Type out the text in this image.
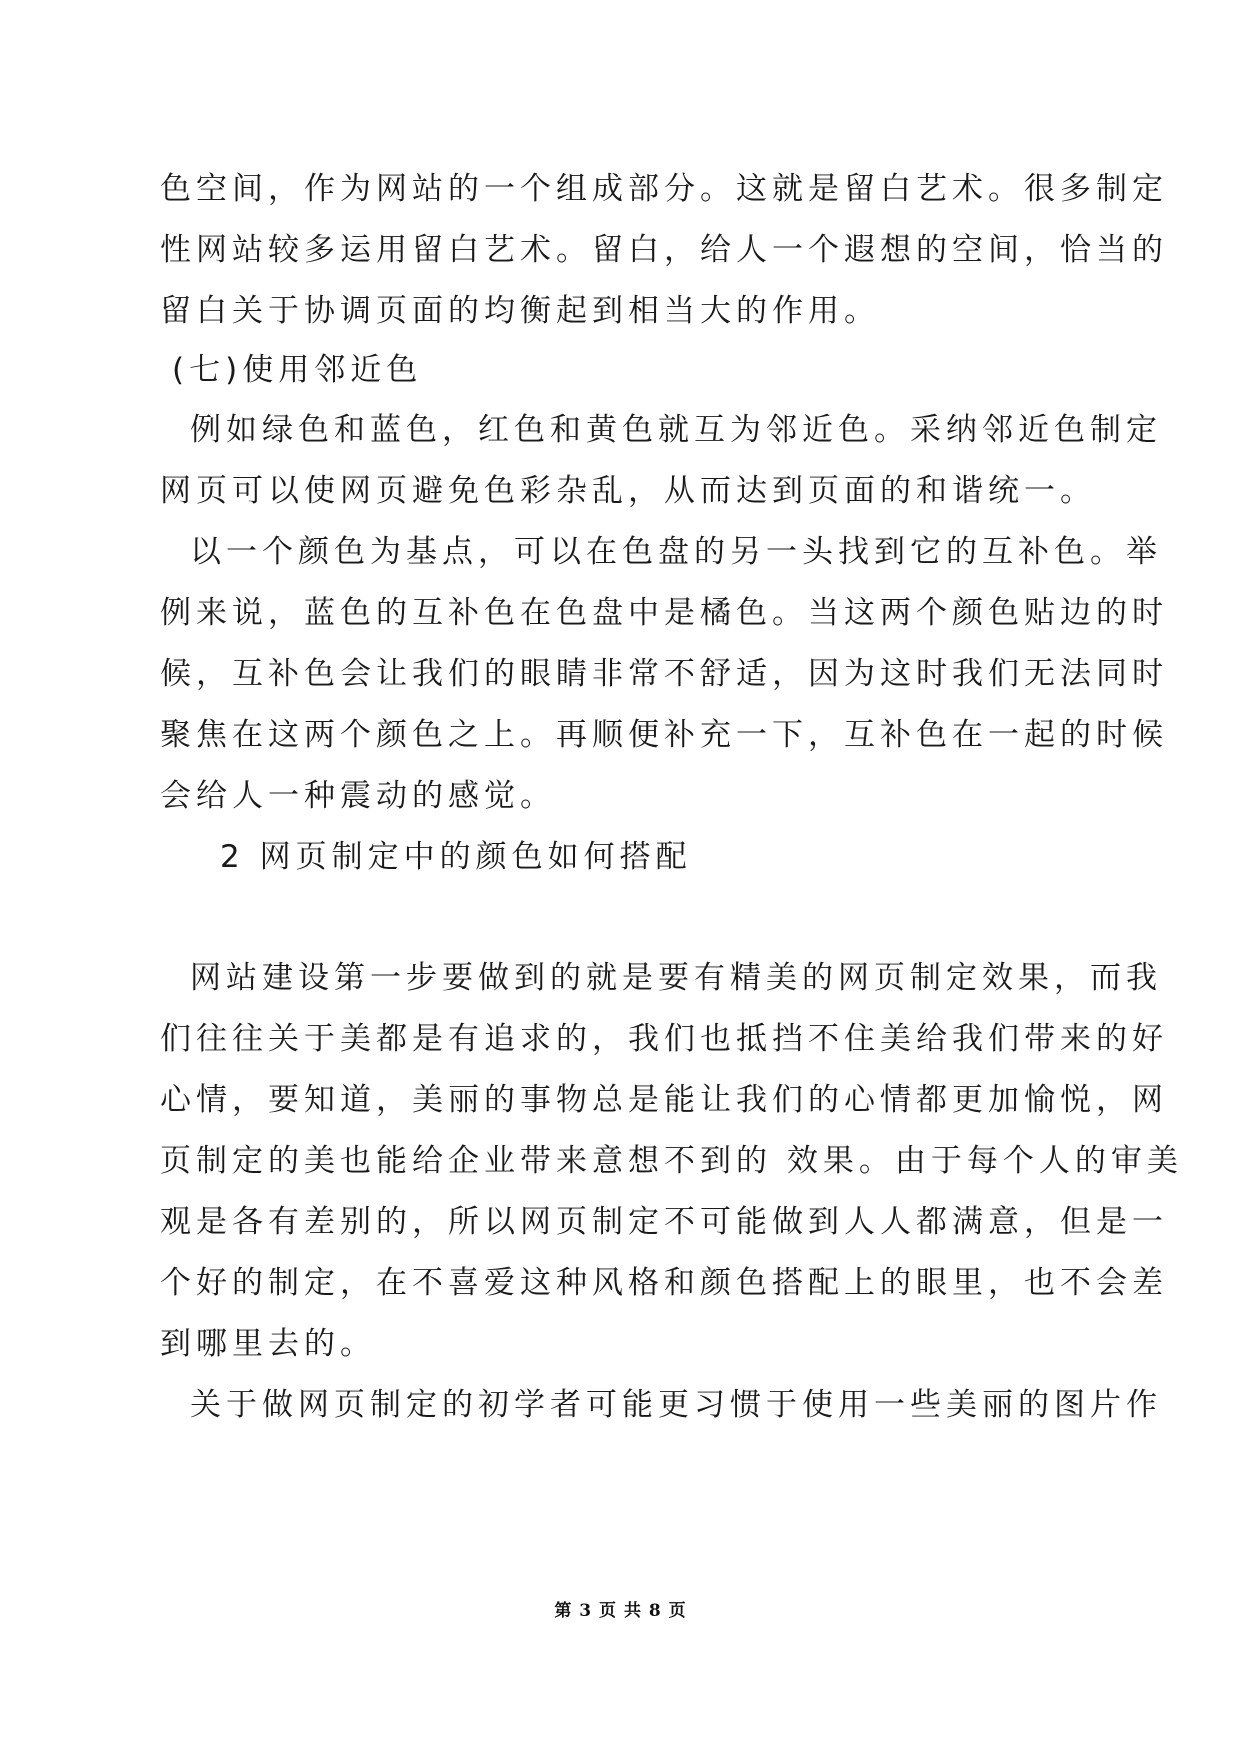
色空间，作为网站的一个组成部分。这就是留白艺术。很多制定
性网站较多运用留白艺术。留白，给人一个遐想的空间，恰当的
留白关于协调页面的均衡起到相当大的作用。
(七)使用邻近色
例如绿色和蓝色，红色和黄色就互为邻近色。采纳邻近色制定
网页可以使网页避免色彩杂乱，从而达到页面的和谐统一。
以一个颜色为基点，可以在色盘的另一头找到它的互补色。举
例来说，蓝色的互补色在色盘中是橘色。当这两个颜色贴边的时
候，互补色会让我们的眼睛非常不舒适，因为这时我们无法同时
聚焦在这两个颜色之上。再顺便补充一下，互补色在一起的时候
会给人一种震动的感觉。
2 网页制定中的颜色如何搭配
网站建设第一步要做到的就是要有精美的网页制定效果，而我
们往往关于美都是有追求的，我们也抵挡不住美给我们带来的好
心情，要知道，美丽的事物总是能让我们的心情都更加愉悦，网
页制定的美也能给企业带来意想不到的 效果。由于每个人的审美
观是各有差别的，所以网页制定不可能做到人人都满意，但是一
个好的制定，在不喜爱这种风格和颜色搭配上的眼里，也不会差
到哪里去的。
关于做网页制定的初学者可能更习惯于使用一些美丽的图片作
第 3 页 共 8 页
